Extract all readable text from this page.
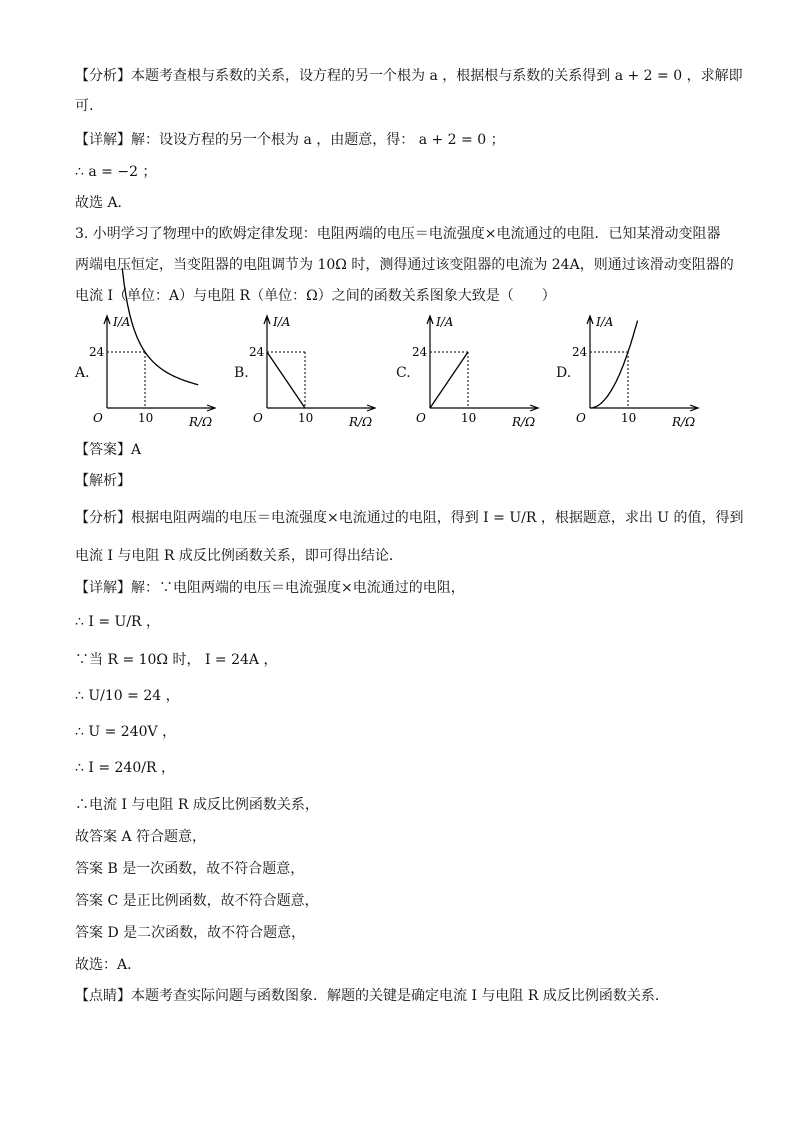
【分析】本题考查根与系数的关系，设方程的另一个根为 a ，根据根与系数的关系得到 a + 2 = 0 ，求解即
可.
【详解】解：设设方程的另一个根为 a ，由题意，得： a + 2 = 0 ；
∴ a = −2 ；
故选 A．
3. 小明学习了物理中的欧姆定律发现：电阻两端的电压＝电流强度×电流通过的电阻．已知某滑动变阻器
两端电压恒定，当变阻器的电阻调节为 10Ω 时，测得通过该变阻器的电流为 24A，则通过该滑动变阻器的
电流 I（单位：A）与电阻 R（单位：Ω）之间的函数关系图象大致是（　　）
A.	B.	C.	D.
I/A
R/Ω
O
24
10
I/A
R/Ω
O
24
10
I/A
R/Ω
O
24
10
I/A
R/Ω
O
24
10
【答案】A
【解析】
【分析】根据电阻两端的电压＝电流强度×电流通过的电阻，得到 I = U/R ，根据题意，求出 U 的值，得到
电流 I 与电阻 R 成反比例函数关系，即可得出结论．
【详解】解：∵电阻两端的电压＝电流强度×电流通过的电阻，
∴ I = U/R ，
∵当 R = 10Ω 时， I = 24A ，
∴ U/10 = 24 ，
∴ U = 240V ，
∴ I = 240/R ，
∴电流 I 与电阻 R 成反比例函数关系，
故答案 A 符合题意，
答案 B 是一次函数，故不符合题意，
答案 C 是正比例函数，故不符合题意，
答案 D 是二次函数，故不符合题意，
故选：A．
【点睛】本题考查实际问题与函数图象．解题的关键是确定电流 I 与电阻 R 成反比例函数关系．
